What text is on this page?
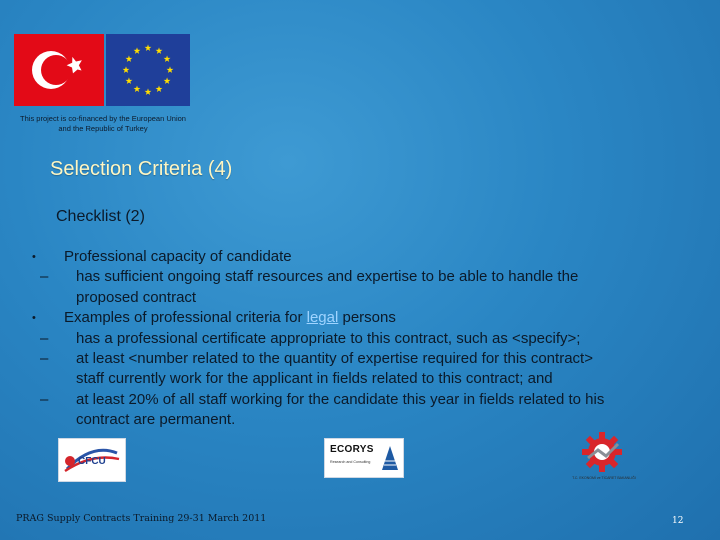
This project is co-financed by the European Union
and the Republic of Turkey
Selection Criteria (4)
Checklist (2)
• Professional capacity of candidate
– has sufficient ongoing staff resources and expertise to be able to handle the
proposed contract
• Examples of professional criteria for legal persons
– has a professional certificate appropriate to this contract, such as <specify>;
– at least <number related to the quantity of expertise required for this contract>
staff currently work for the applicant in fields related to this contract; and
– at least 20% of all staff working for the candidate this year in fields related to his
contract are permanent.
CFCU
ECORYS
Research and Consulting
T.C. EKONOMİ ve TİCARET BAKANLIĞI
PRAG Supply Contracts Training 29-31 March 2011	12
